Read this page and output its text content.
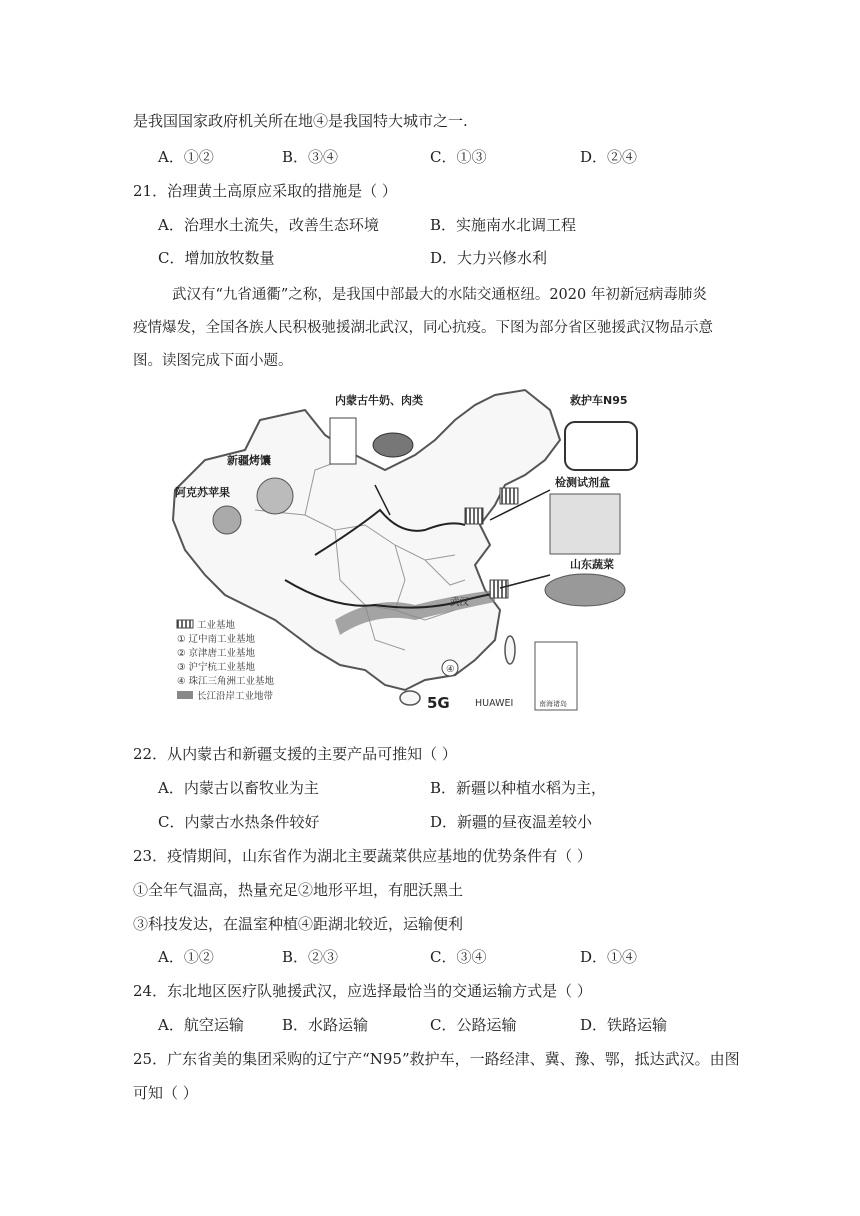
是我国国家政府机关所在地④是我国特大城市之一.
A．①②	B．③④	C．①③	D．②④
21．治理黄土高原应采取的措施是（ ）
A．治理水土流失，改善生态环境	B．实施南水北调工程
C．增加放牧数量	D．大力兴修水利
武汉有“九省通衢”之称，是我国中部最大的水陆交通枢纽。2020 年初新冠病毒肺炎
疫情爆发，全国各族人民积极驰援湖北武汉，同心抗疫。下图为部分省区驰援武汉物品示意
图。读图完成下面小题。
④
内蒙古牛奶、肉类	救护车N95
新疆烤馕
阿克苏苹果
检测试剂盒
山东蔬菜
武汉
5G	HUAWEI	南海诸岛
工业基地
① 辽中南工业基地
② 京津唐工业基地
③ 沪宁杭工业基地
④ 珠江三角洲工业基地
长江沿岸工业地带
22．从内蒙古和新疆支援的主要产品可推知（ ）
A．内蒙古以畜牧业为主	B．新疆以种植水稻为主，
C．内蒙古水热条件较好	D．新疆的昼夜温差较小
23．疫情期间，山东省作为湖北主要蔬菜供应基地的优势条件有（ ）
①全年气温高，热量充足②地形平坦，有肥沃黑土
③科技发达，在温室种植④距湖北较近，运输便利
A．①②	B．②③	C．③④	D．①④
24．东北地区医疗队驰援武汉，应选择最恰当的交通运输方式是（ ）
A．航空运输	B．水路运输	C．公路运输	D．铁路运输
25．广东省美的集团采购的辽宁产“N95”救护车，一路经津、冀、豫、鄂，抵达武汉。由图
可知（ ）
